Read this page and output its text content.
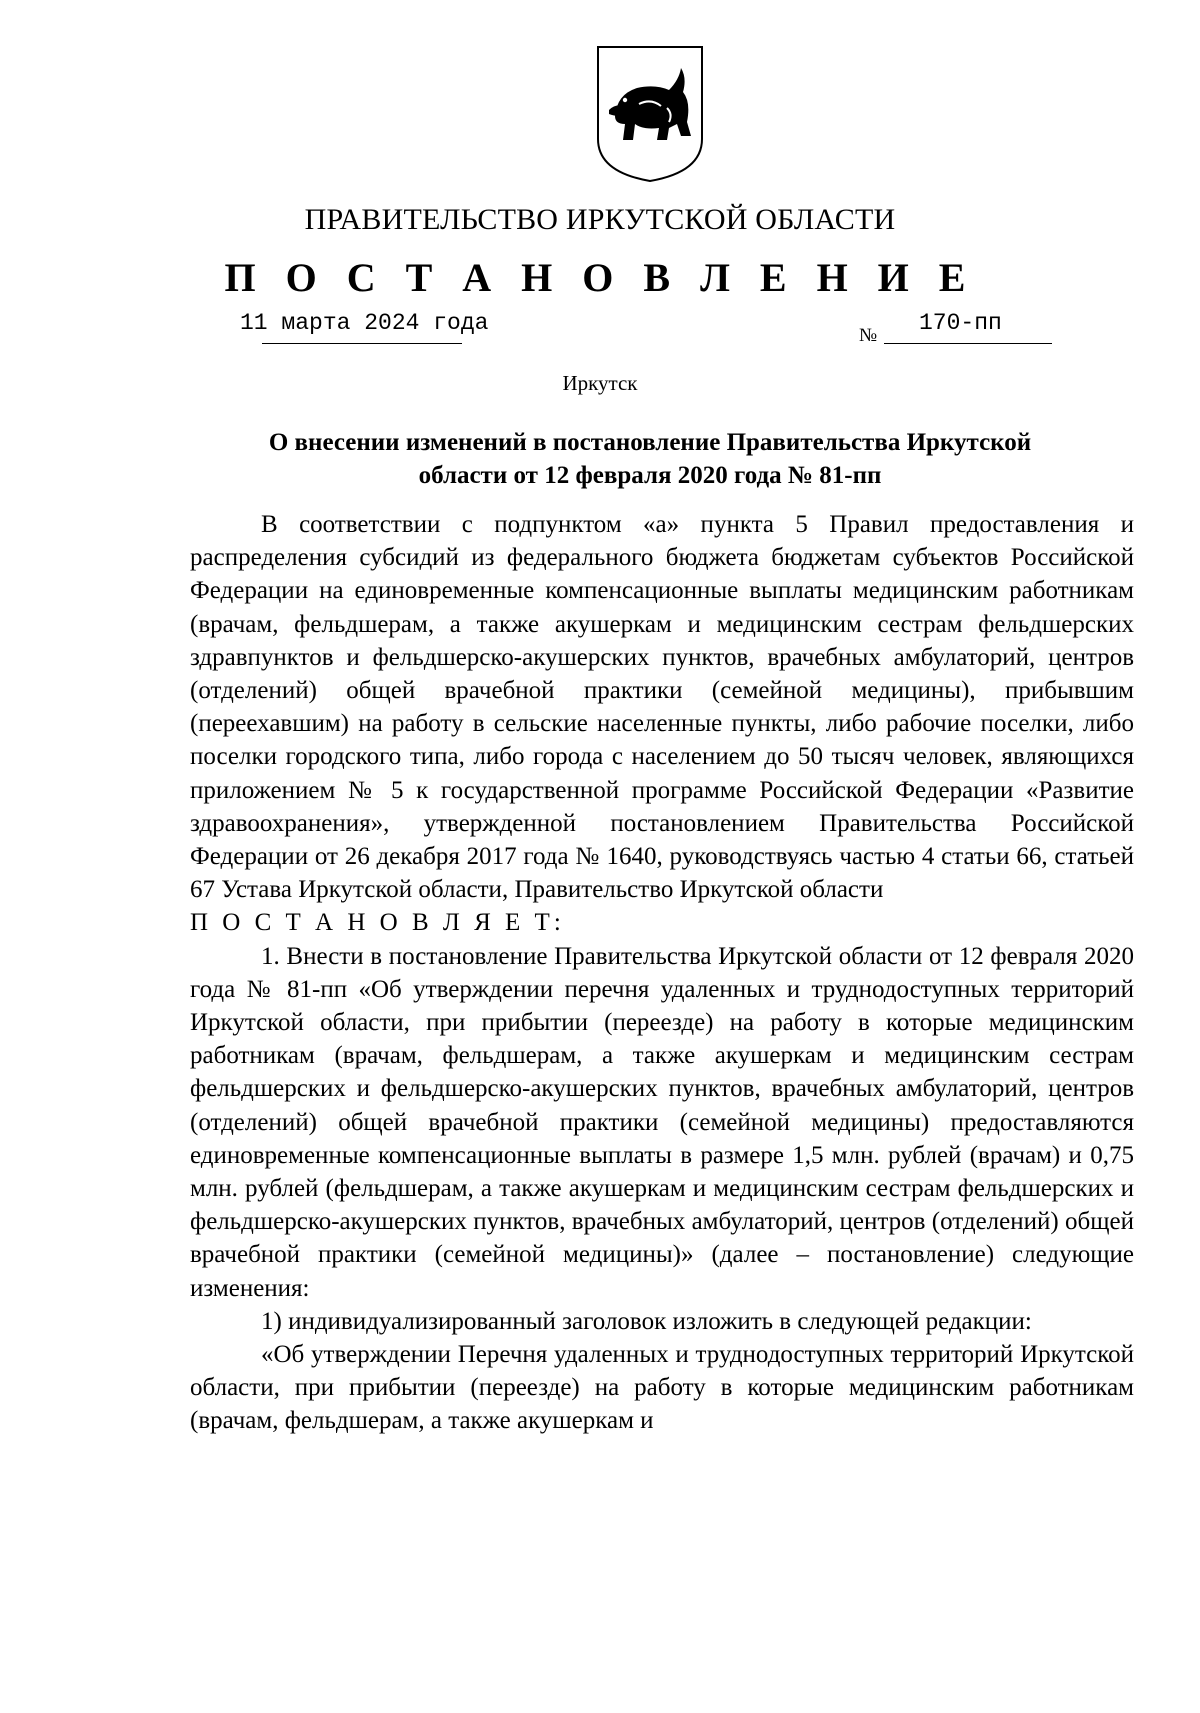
ПРАВИТЕЛЬСТВО ИРКУТСКОЙ ОБЛАСТИ
П О С Т А Н О В Л Е Н И Е
11 марта 2024 года	№ 170-пп
Иркутск
О внесении изменений в постановление Правительства Иркутской
области от 12 февраля 2020 года № 81-пп

В соответствии с подпунктом «а» пункта 5 Правил предоставления и распределения субсидий из федерального бюджета бюджетам субъектов Российской Федерации на единовременные компенсационные выплаты медицинским работникам (врачам, фельдшерам, а также акушеркам и медицинским сестрам фельдшерских здравпунктов и фельдшерско-акушерских пунктов, врачебных амбулаторий, центров (отделений) общей врачебной практики (семейной медицины), прибывшим (переехавшим) на работу в сельские населенные пункты, либо рабочие поселки, либо поселки городского типа, либо города с населением до 50 тысяч человек, являющихся приложением № 5 к государственной программе Российской Федерации «Развитие здравоохранения», утвержденной постановлением Правительства Российской Федерации от 26 декабря 2017 года № 1640, руководствуясь частью 4 статьи 66, статьей 67 Устава Иркутской области, Правительство Иркутской области

П О С Т А Н О В Л Я Е Т:

1. Внести в постановление Правительства Иркутской области от 12 февраля 2020 года № 81-пп «Об утверждении перечня удаленных и труднодоступных территорий Иркутской области, при прибытии (переезде) на работу в которые медицинским работникам (врачам, фельдшерам, а также акушеркам и медицинским сестрам фельдшерских и фельдшерско-акушерских пунктов, врачебных амбулаторий, центров (отделений) общей врачебной практики (семейной медицины) предоставляются единовременные компенсационные выплаты в размере 1,5 млн. рублей (врачам) и 0,75 млн. рублей (фельдшерам, а также акушеркам и медицинским сестрам фельдшерских и фельдшерско-акушерских пунктов, врачебных амбулаторий, центров (отделений) общей врачебной практики (семейной медицины)» (далее – постановление) следующие изменения:

1) индивидуализированный заголовок изложить в следующей редакции:

«Об утверждении Перечня удаленных и труднодоступных территорий Иркутской области, при прибытии (переезде) на работу в которые медицинским работникам (врачам, фельдшерам, а также акушеркам и
